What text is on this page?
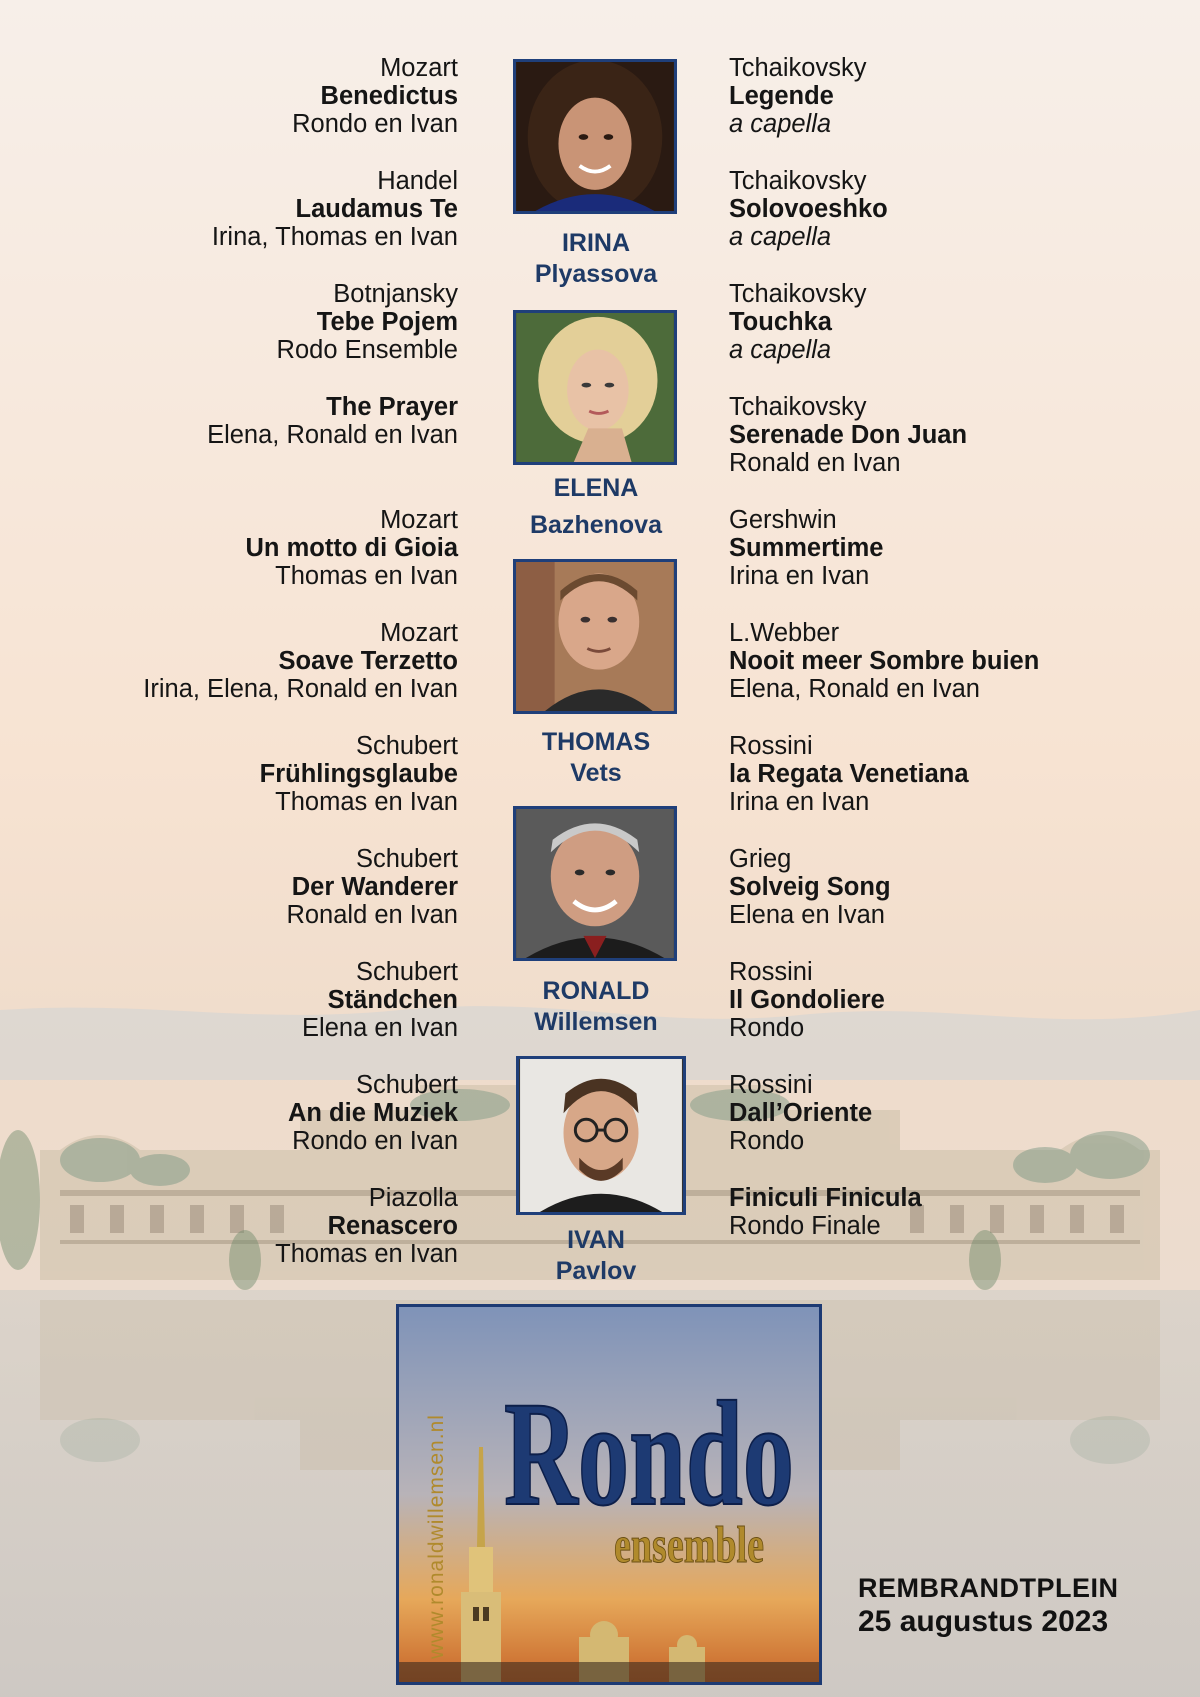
Mozart
Benedictus
Rondo en Ivan
Handel
Laudamus Te
Irina, Thomas en Ivan
Botnjansky
Tebe Pojem
Rodo Ensemble
The Prayer
Elena, Ronald en Ivan
Mozart
Un motto di Gioia
Thomas en Ivan
Mozart
Soave Terzetto
Irina, Elena, Ronald en Ivan
Schubert
Frühlingsglaube
Thomas en Ivan
Schubert
Der Wanderer
Ronald en Ivan
Schubert
Ständchen
Elena en Ivan
Schubert
An die Muziek
Rondo en Ivan
Piazolla
Renascero
Thomas en Ivan
Tchaikovsky
Legende
a capella
Tchaikovsky
Solovoeshko
a capella
Tchaikovsky
Touchka
a capella
Tchaikovsky
Serenade Don Juan
Ronald en Ivan
Gershwin
Summertime
Irina en Ivan
L.Webber
Nooit meer Sombre buien
Elena, Ronald en Ivan
Rossini
la Regata Venetiana
Irina en Ivan
Grieg
Solveig Song
Elena en Ivan
Rossini
Il Gondoliere
Rondo
Rossini
Dall’Oriente
Rondo
Finiculi Finicula
Rondo Finale
IRINA
Plyassova
ELENA
Bazhenova
THOMAS
Vets
RONALD
Willemsen
IVAN
Pavlov
www.ronaldwillemsen.nl Rondo
ensemble
REMBRANDTPLEIN
25 augustus 2023
